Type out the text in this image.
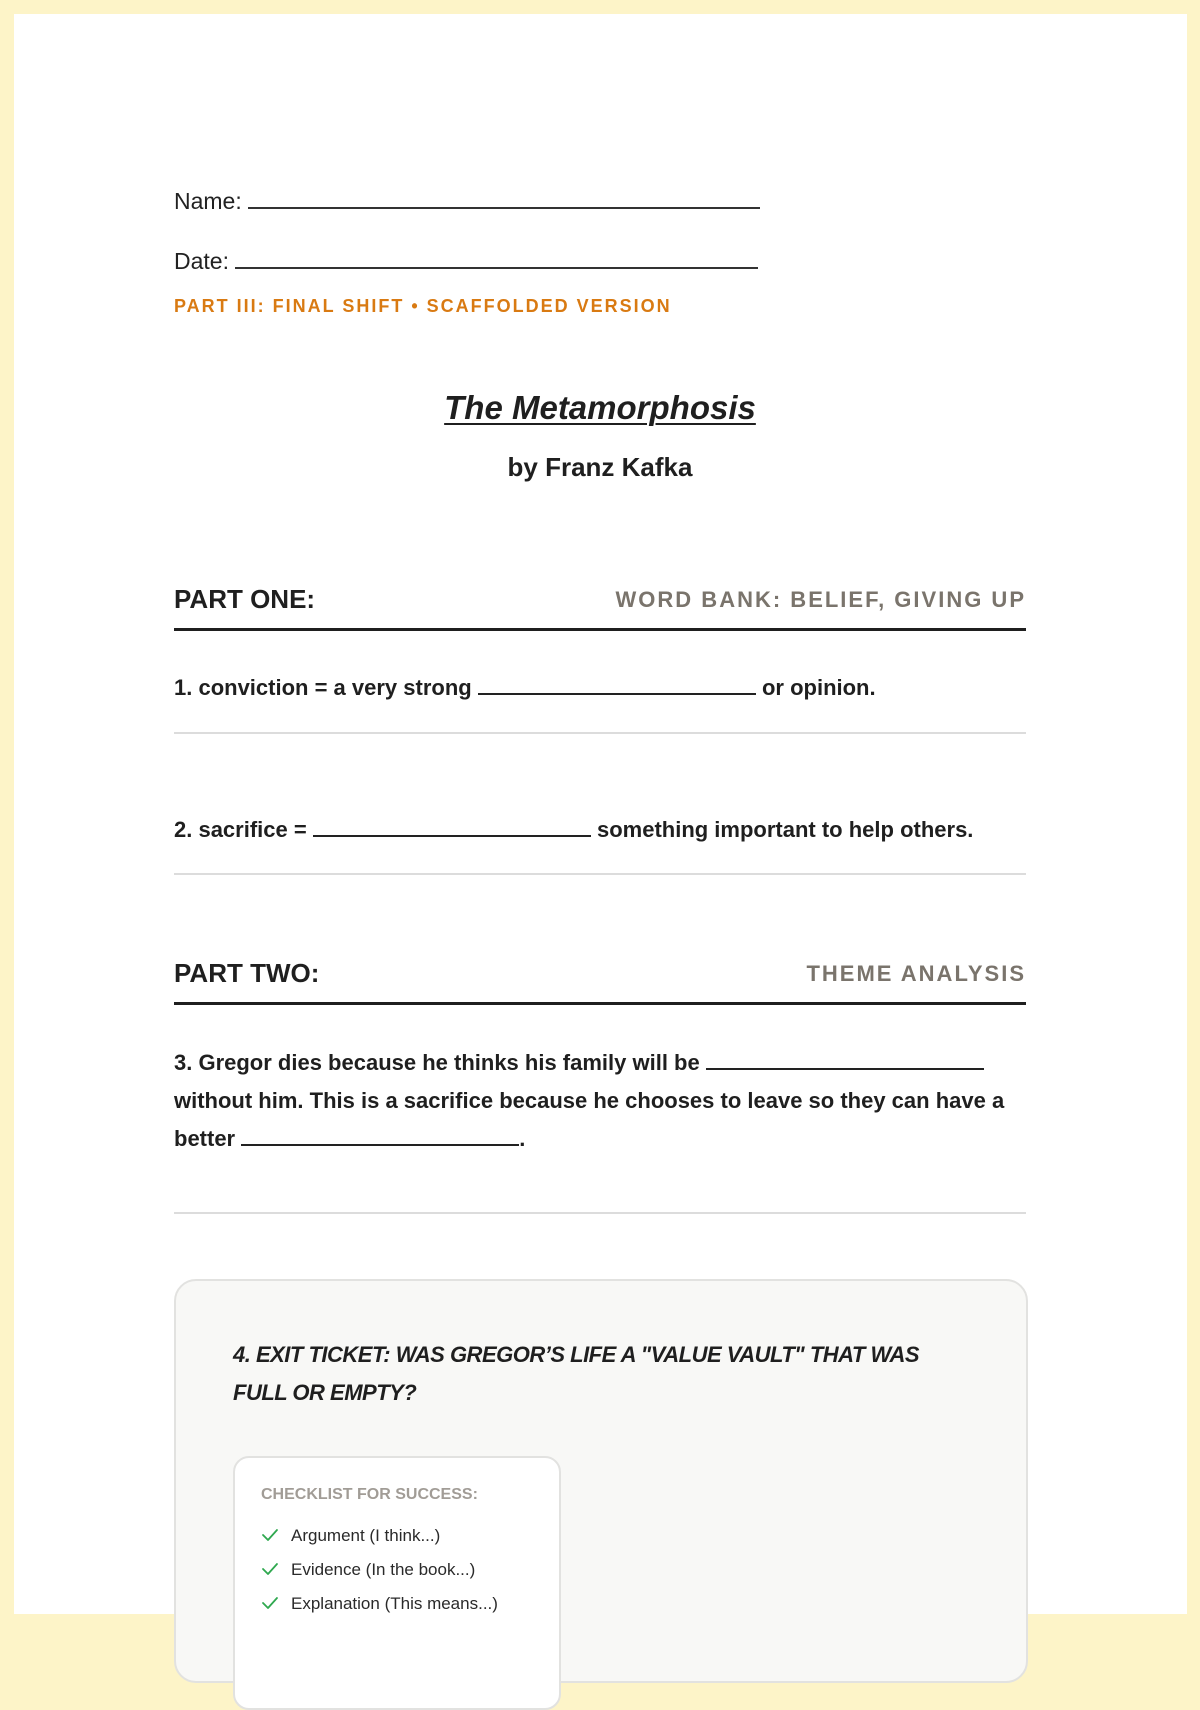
Name:
Date:
PART III: FINAL SHIFT • SCAFFOLDED VERSION
The Metamorphosis
by Franz Kafka
PART ONE:	WORD BANK: BELIEF, GIVING UP
1. conviction = a very strong	or opinion.
2. sacrifice =	something important to help others.
PART TWO:	THEME ANALYSIS
3. Gregor dies because he thinks his family will be  without him. This is a sacrifice because he chooses to leave so they can have a better	.
4. EXIT TICKET: WAS GREGOR’S LIFE A "VALUE VAULT" THAT WAS FULL OR EMPTY?
CHECKLIST FOR SUCCESS:
Argument (I think...)
Evidence (In the book...)
Explanation (This means...)
